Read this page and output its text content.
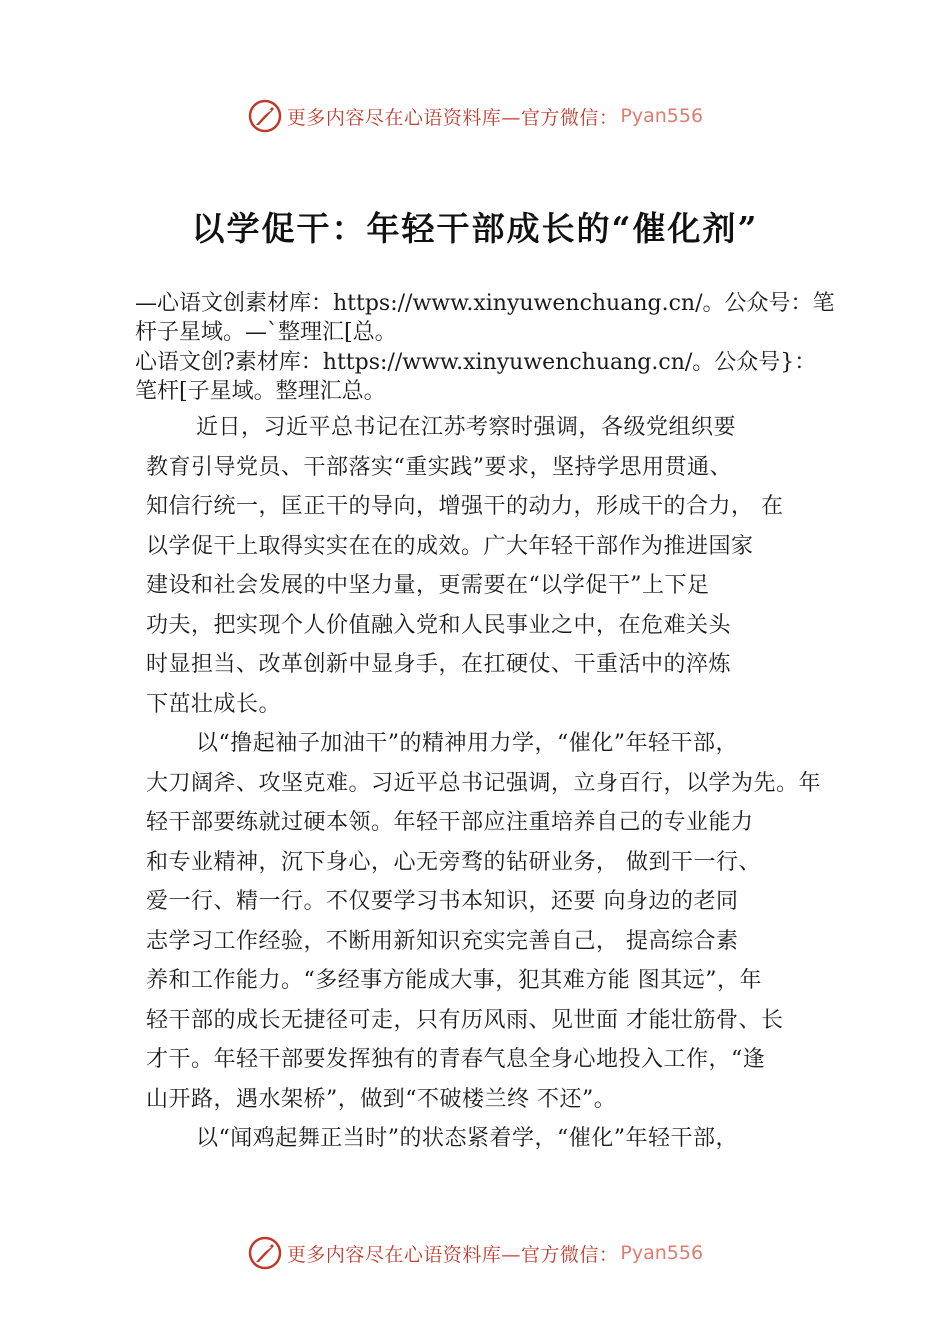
更多内容尽在心语资料库—官方微信： Pyan556
以学促干：年轻干部成长的“催化剂”
—心语文创素材库：https://www.xinyuwenchuang.cn/。公众号：笔杆子星域。—`整理汇[总。
心语文创?素材库：https://www.xinyuwenchuang.cn/。公众号}：笔杆[子星域。整理汇总。

近日，习近平总书记在江苏考察时强调，各级党组织要

教育引导党员、干部落实“重实践”要求，坚持学思用贯通、

知信行统一，匡正干的导向，增强干的动力，形成干的合力， 在

以学促干上取得实实在在的成效。广大年轻干部作为推进国家

建设和社会发展的中坚力量，更需要在“以学促干”上下足

功夫，把实现个人价值融入党和人民事业之中，在危难关头

时显担当、改革创新中显身手，在扛硬仗、干重活中的淬炼

下茁壮成长。

以“撸起袖子加油干”的精神用力学，“催化”年轻干部，

大刀阔斧、攻坚克难。习近平总书记强调，立身百行，以学为先。年

轻干部要练就过硬本领。年轻干部应注重培养自己的专业能力

和专业精神，沉下身心，心无旁骛的钻研业务， 做到干一行、

爱一行、精一行。不仅要学习书本知识，还要 向身边的老同

志学习工作经验，不断用新知识充实完善自己， 提高综合素

养和工作能力。“多经事方能成大事，犯其难方能 图其远”，年

轻干部的成长无捷径可走，只有历风雨、见世面 才能壮筋骨、长

才干。年轻干部要发挥独有的青春气息全身心地投入工作，“逢

山开路，遇水架桥”，做到“不破楼兰终 不还”。

以“闻鸡起舞正当时”的状态紧着学，“催化”年轻干部，

更多内容尽在心语资料库—官方微信： Pyan556
